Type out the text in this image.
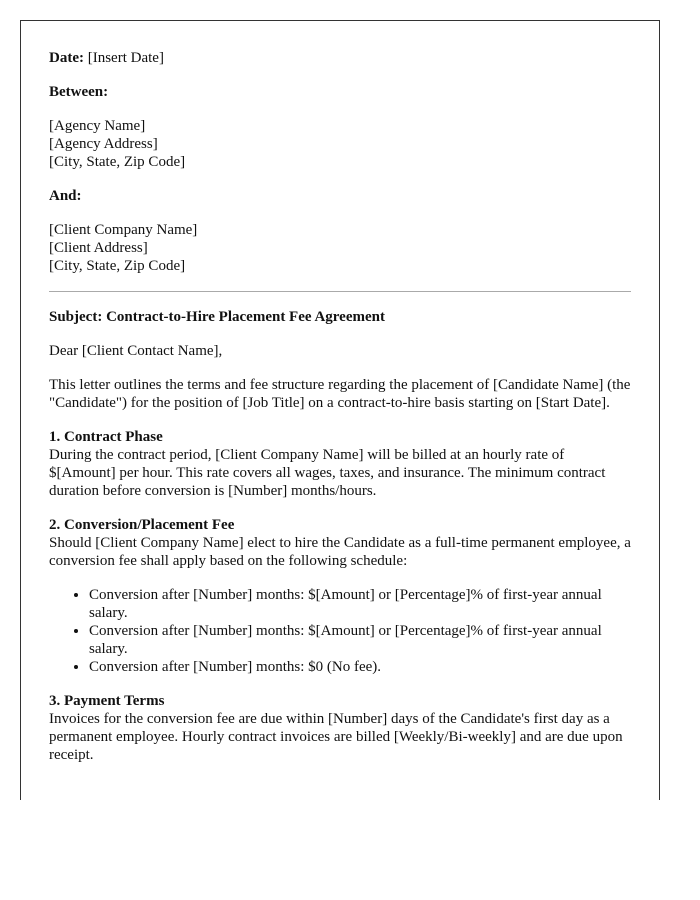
Date: [Insert Date]

Between:

[Agency Name]
[Agency Address]
[City, State, Zip Code]

And:

[Client Company Name]
[Client Address]
[City, State, Zip Code]

Subject: Contract-to-Hire Placement Fee Agreement

Dear [Client Contact Name],

This letter outlines the terms and fee structure regarding the placement of [Candidate Name] (the "Candidate") for the position of [Job Title] on a contract-to-hire basis starting on [Start Date].

1. Contract Phase
During the contract period, [Client Company Name] will be billed at an hourly rate of $[Amount] per hour. This rate covers all wages, taxes, and insurance. The minimum contract duration before conversion is [Number] months/hours.

2. Conversion/Placement Fee
Should [Client Company Name] elect to hire the Candidate as a full-time permanent employee, a conversion fee shall apply based on the following schedule:

• Conversion after [Number] months: $[Amount] or [Percentage]% of first-year annual salary.
• Conversion after [Number] months: $[Amount] or [Percentage]% of first-year annual salary.
• Conversion after [Number] months: $0 (No fee).

3. Payment Terms
Invoices for the conversion fee are due within [Number] days of the Candidate's first day as a permanent employee. Hourly contract invoices are billed [Weekly/Bi-weekly] and are due upon receipt.
